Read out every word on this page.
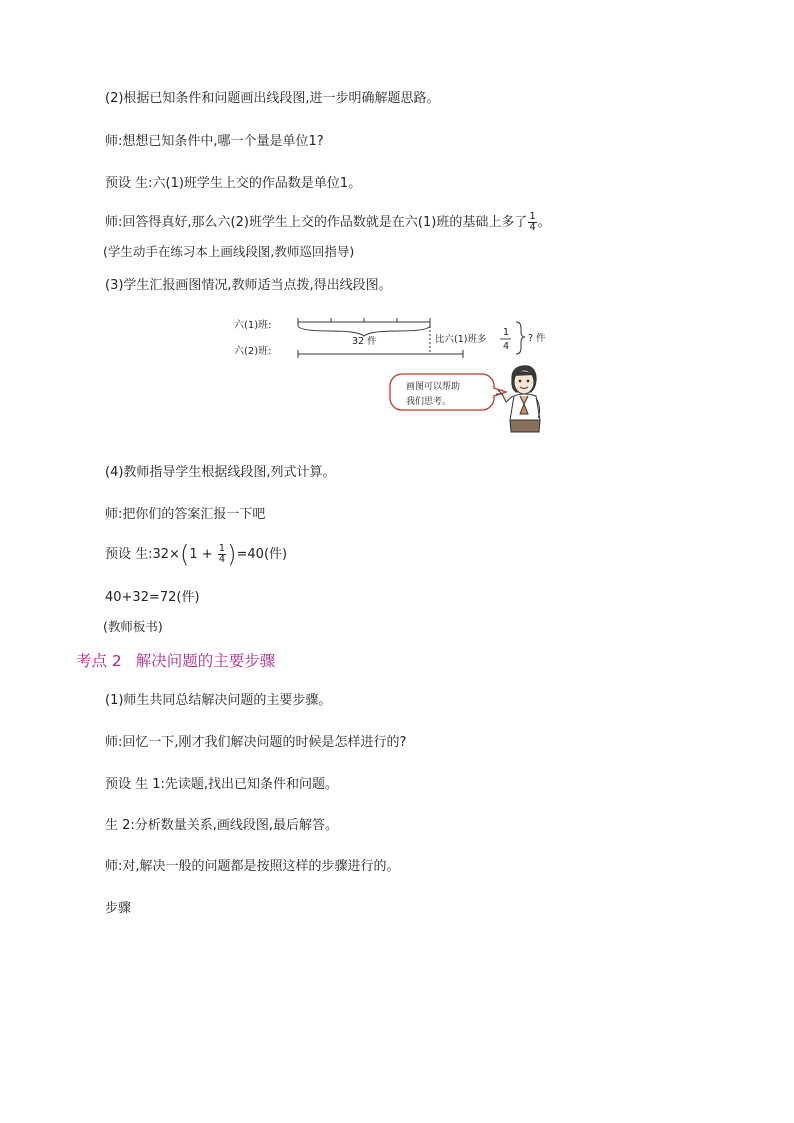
(2)根据已知条件和问题画出线段图,进一步明确解题思路。
师:想想已知条件中,哪一个量是单位1?
预设 生:六(1)班学生上交的作品数是单位1。
师:回答得真好,那么六(2)班学生上交的作品数就是在六(1)班的基础上多了 $\frac{1}{4}$ 。
(学生动手在练习本上画线段图,教师巡回指导)
(3)学生汇报画图情况,教师适当点拨,得出线段图。
六(1)班:
六(2)班:
32 件	比六(1)班多
1
4
? 件
画图可以帮助
我们思考。
(4)教师指导学生根据线段图,列式计算。
师:把你们的答案汇报一下吧
预设 生:32×(1 + $\frac{1}{4} )=40$(件)
40+32=72(件)
(教师板书)
考点 2 解决问题的主要步骤
(1)师生共同总结解决问题的主要步骤。
师:回忆一下,刚才我们解决问题的时候是怎样进行的?
预设 生 1:先读题,找出已知条件和问题。
生 2:分析数量关系,画线段图,最后解答。
师:对,解决一般的问题都是按照这样的步骤进行的。
步骤
